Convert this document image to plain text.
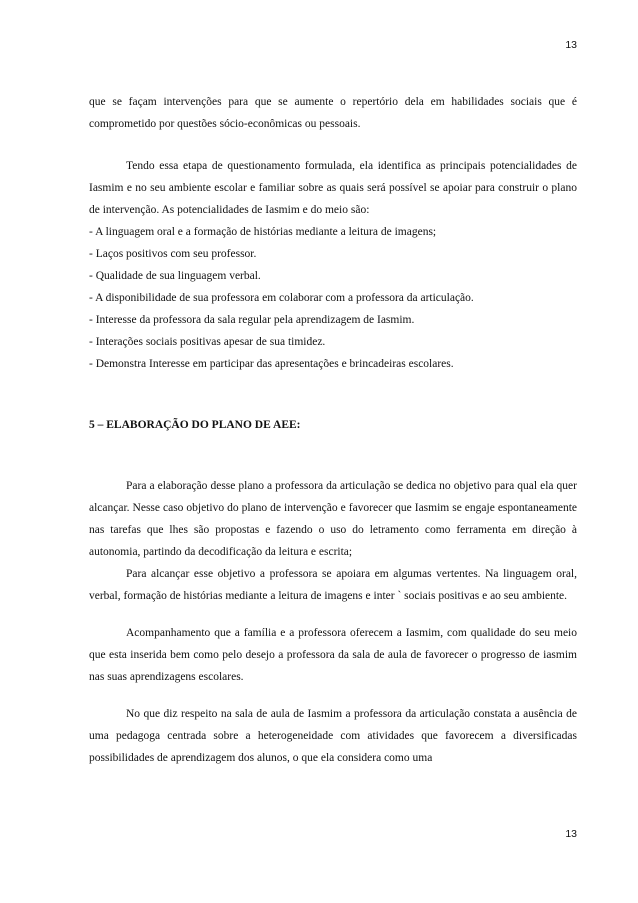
13

que se façam intervenções para que se aumente o repertório dela em habilidades sociais que é comprometido por questões sócio-econômicas ou pessoais.

Tendo essa etapa de questionamento formulada, ela identifica as principais potencialidades de Iasmim e no seu ambiente escolar e familiar sobre as quais será possível se apoiar para construir o plano de intervenção. As potencialidades de Iasmim e do meio são:

- A linguagem oral e a formação de histórias mediante a leitura de imagens;
- Laços positivos com seu professor.
- Qualidade de sua linguagem verbal.
- A disponibilidade de sua professora em colaborar com a professora da articulação.
- Interesse da professora da sala regular pela aprendizagem de Iasmim.
- Interações sociais positivas apesar de sua timidez.
- Demonstra Interesse em participar das apresentações e brincadeiras escolares.
5 – ELABORAÇÃO DO PLANO DE AEE:

Para a elaboração desse plano a professora da articulação se dedica no objetivo para qual ela quer alcançar. Nesse caso objetivo do plano de intervenção e favorecer que Iasmim se engaje espontaneamente nas tarefas que lhes são propostas e fazendo o uso do letramento como ferramenta em direção à autonomia, partindo da decodificação da leitura e escrita;

Para alcançar esse objetivo a professora se apoiara em algumas vertentes. Na linguagem oral, verbal, formação de histórias mediante a leitura de imagens e inter ` sociais positivas e ao seu ambiente.

Acompanhamento que a família e a professora oferecem a Iasmim, com qualidade do seu meio que esta inserida bem como pelo desejo a professora da sala de aula de favorecer o progresso de iasmim nas suas aprendizagens escolares.

No que diz respeito na sala de aula de Iasmim a professora da articulação constata a ausência de uma pedagoga centrada sobre a heterogeneidade com atividades que favorecem a diversificadas possibilidades de aprendizagem dos alunos, o que ela considera como uma

13
